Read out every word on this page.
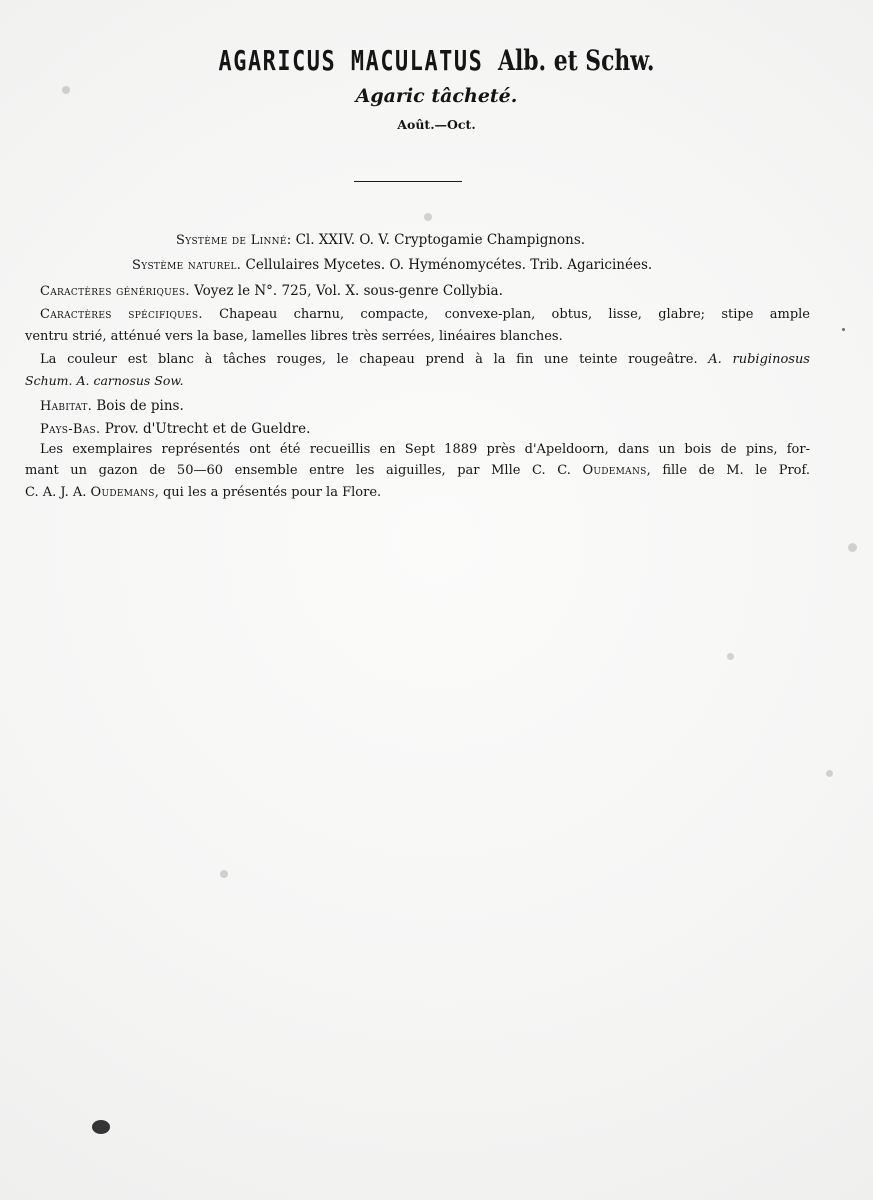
AGARICUS MACULATUS Alb. et Schw.
Agaric tâcheté.
Août.—Oct.
Système de Linné: Cl. XXIV. O. V. Cryptogamie Champignons.
Système naturel. Cellulaires Mycetes. O. Hyménomycétes. Trib. Agaricinées.
Caractères génériques. Voyez le N°. 725, Vol. X. sous-genre Collybia.
Caractères spécifiques. Chapeau charnu, compacte, convexe-plan, obtus, lisse, glabre; stipe ample
ventru strié, atténué vers la base, lamelles libres très serrées, linéaires blanches.
La couleur est blanc à tâches rouges, le chapeau prend à la fin une teinte rougeâtre. A. rubiginosus
Schum. A. carnosus Sow.
Habitat. Bois de pins.
Pays-Bas. Prov. d'Utrecht et de Gueldre.
Les exemplaires représentés ont été recueillis en Sept 1889 près d'Apeldoorn, dans un bois de pins, for-
mant un gazon de 50—60 ensemble entre les aiguilles, par Mlle C. C. Oudemans, fille de M. le Prof.
C. A. J. A. Oudemans, qui les a présentés pour la Flore.
